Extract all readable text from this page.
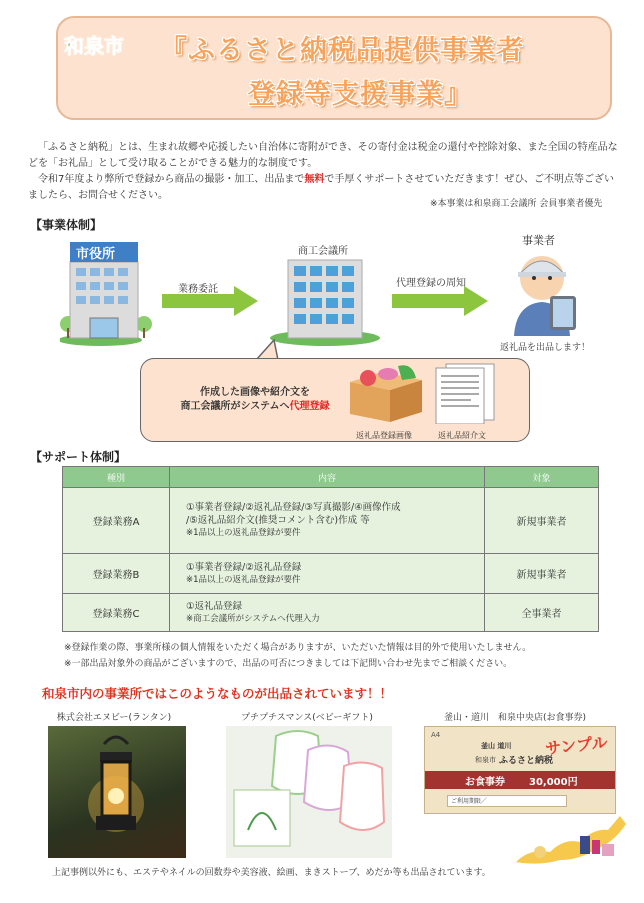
和泉市 『ふるさと納税品提供事業者
登録等支援事業』

「ふるさと納税」とは、生まれ故郷や応援したい自治体に寄附ができ、その寄付金は税金の還付や控除対象、また全国の特産品などを「お礼品」として受け取ることができる魅力的な制度です。

令和7年度より弊所で登録から商品の撮影・加工、出品まで無料で手厚くサポートさせていただきます！ぜひ、ご不明点等ございましたら、お問合せください。

※本事業は和泉商工会議所 会員事業者優先
【事業体制】
市役所
業務委託
商工会議所
代理登録の周知
事業者
返礼品を出品します！
作成した画像や紹介文を
商工会議所がシステムへ代理登録
返礼品登録画像	返礼品紹介文
【サポート体制】
種別	内容	対象
登録業務A	①事業者登録/②返礼品登録/③写真撮影/④画像作成
/⑤返礼品紹介文(推奨コメント含む)作成 等
※1品以上の返礼品登録が要件	新規事業者
登録業務B	①事業者登録/②返礼品登録
※1品以上の返礼品登録が要件	新規事業者
登録業務C	①返礼品登録
※商工会議所がシステムへ代理入力	全事業者
※登録作業の際、事業所様の個人情報をいただく場合がありますが、いただいた情報は目的外で使用いたしません。
※一部出品対象外の商品がございますので、出品の可否につきましては下記問い合わせ先までご相談ください。
和泉市内の事業所ではこのようなものが出品されています！！
株式会社エヌビー(ランタン)	プチプチスマンス(ベビーギフト)	釜山・道川　和泉中央店(お食事券)
A4
釜山 道川
和泉市 ふるさと納税
サンプル
お食事券 30,000円
ご利用期限／
上記事例以外にも、エステやネイルの回数券や美容液、絵画、まきストーブ、めだか等も出品されています。
